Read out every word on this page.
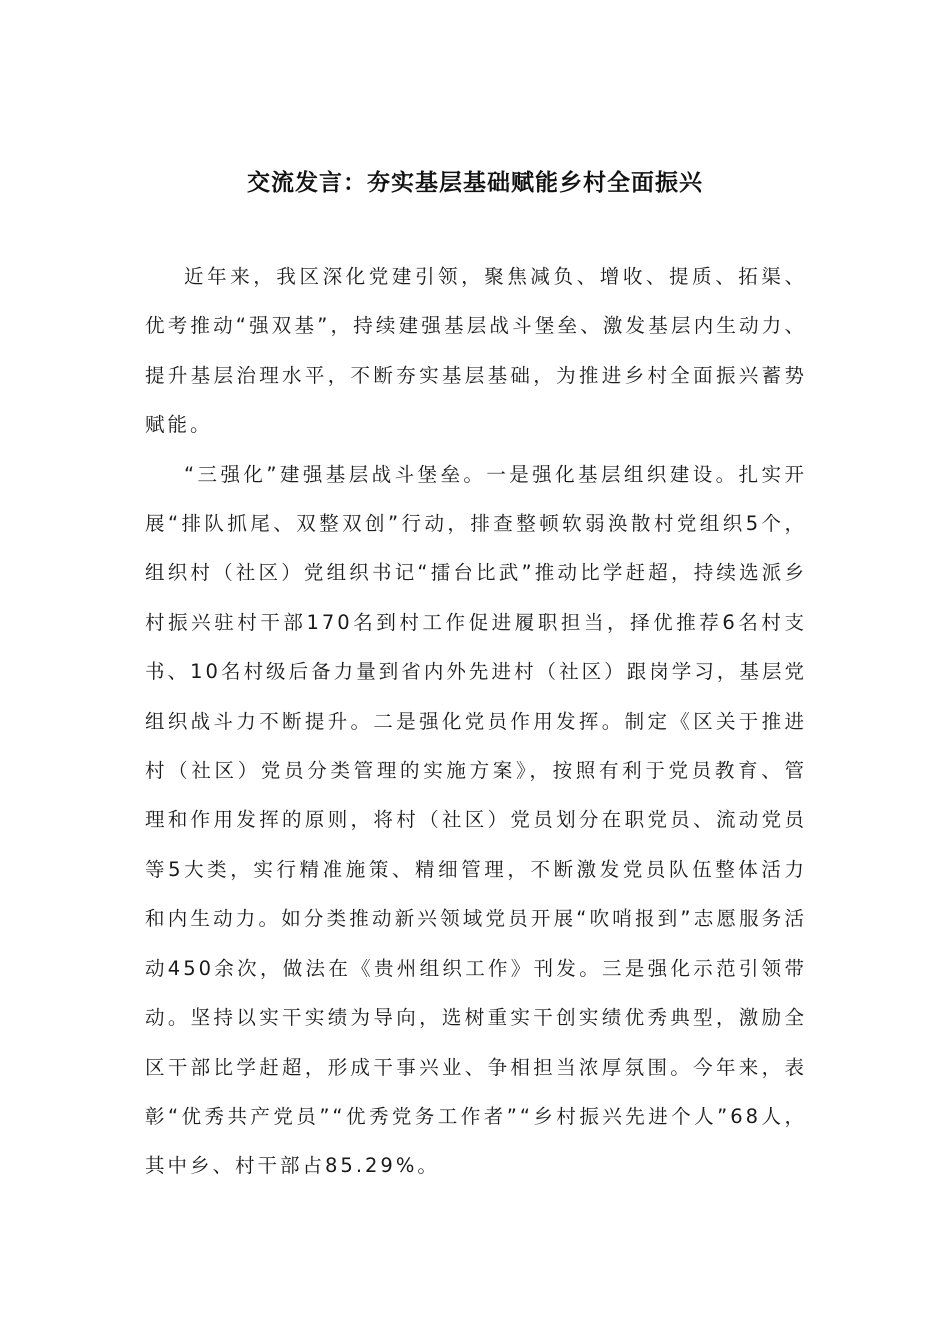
交流发言：夯实基层基础赋能乡村全面振兴

近年来，我区深化党建引领，聚焦减负、增收、提质、拓渠、优考推动“强双基”，持续建强基层战斗堡垒、激发基层内生动力、提升基层治理水平，不断夯实基层基础，为推进乡村全面振兴蓄势赋能。

“三强化”建强基层战斗堡垒。一是强化基层组织建设。扎实开展“排队抓尾、双整双创”行动，排查整顿软弱涣散村党组织5个，组织村（社区）党组织书记“擂台比武”推动比学赶超，持续选派乡村振兴驻村干部170名到村工作促进履职担当，择优推荐6名村支书、10名村级后备力量到省内外先进村（社区）跟岗学习，基层党组织战斗力不断提升。二是强化党员作用发挥。制定《区关于推进村（社区）党员分类管理的实施方案》，按照有利于党员教育、管理和作用发挥的原则，将村（社区）党员划分在职党员、流动党员等5大类，实行精准施策、精细管理，不断激发党员队伍整体活力和内生动力。如分类推动新兴领域党员开展“吹哨报到”志愿服务活动450余次，做法在《贵州组织工作》刊发。三是强化示范引领带动。坚持以实干实绩为导向，选树重实干创实绩优秀典型，激励全区干部比学赶超，形成干事兴业、争相担当浓厚氛围。今年来，表彰“优秀共产党员”“优秀党务工作者”“乡村振兴先进个人”68人，其中乡、村干部占85.29%。
